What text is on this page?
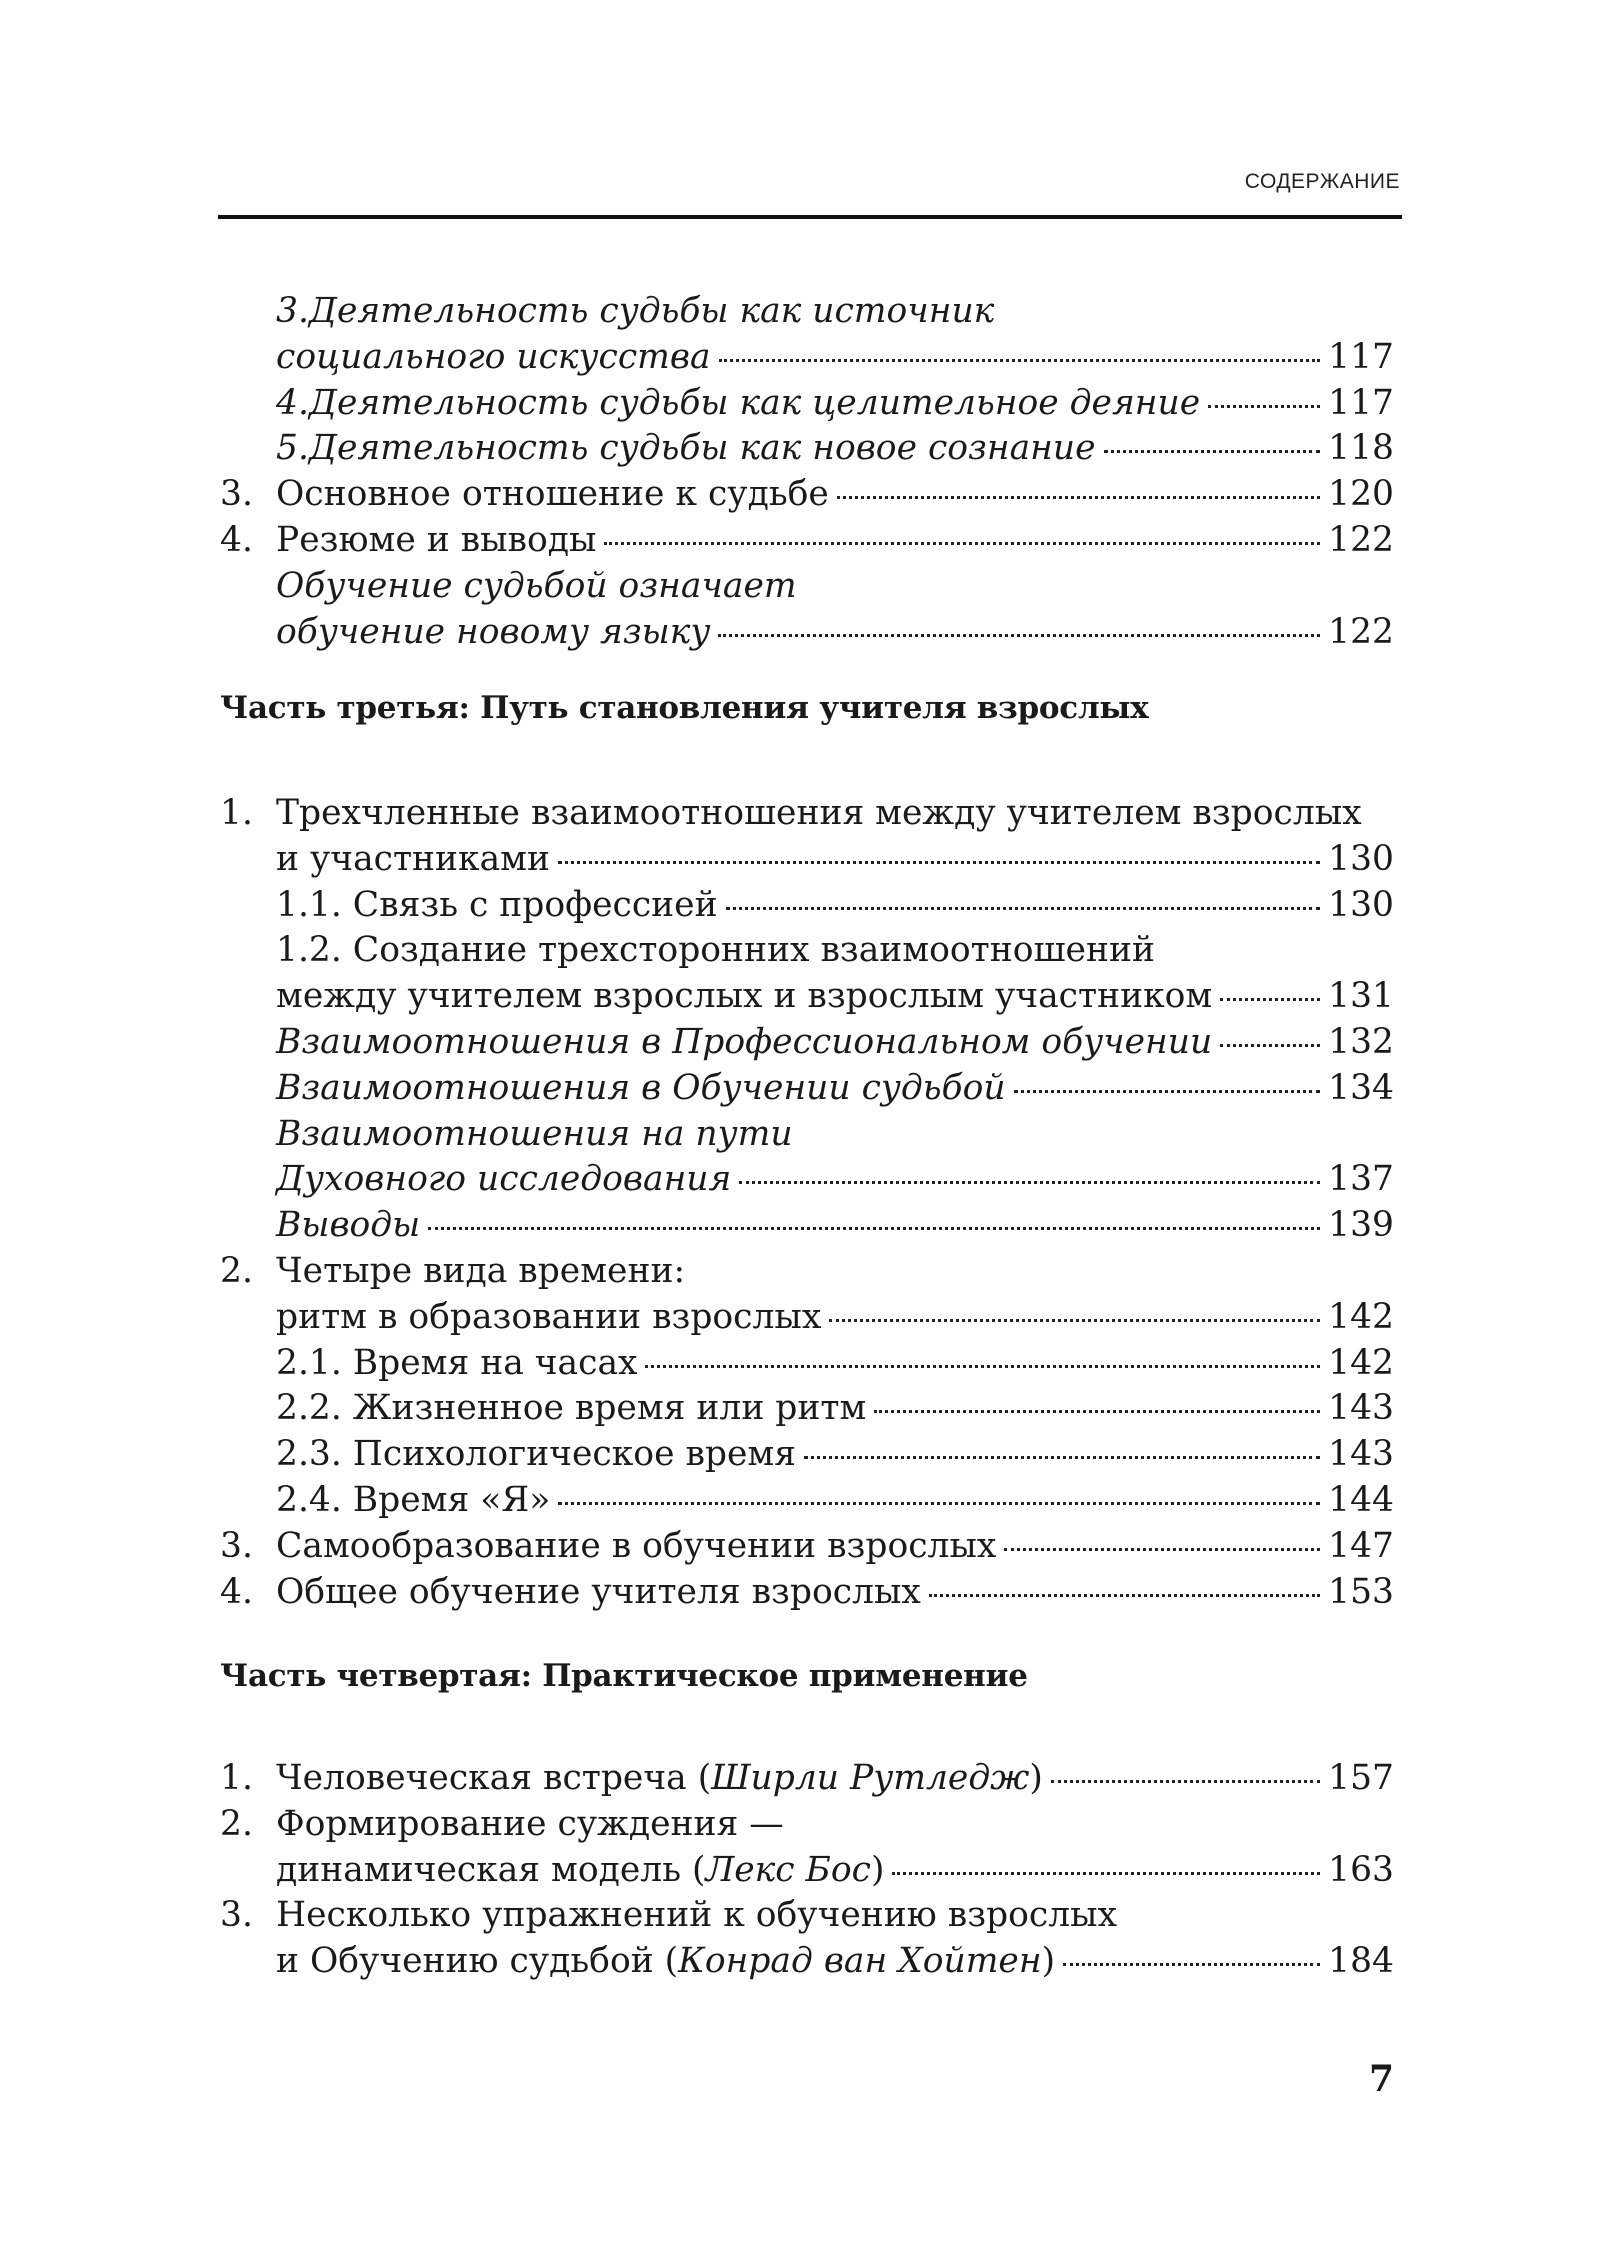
СОДЕРЖАНИЕ
3.Деятельность судьбы как источник
социального искусства	117
4.Деятельность судьбы как целительное деяние	117
5.Деятельность судьбы как новое сознание	118
3. Основное отношение к судьбе	120
4. Резюме и выводы	122
Обучение судьбой означает
обучение новому языку	122
1. Трехчленные взаимоотношения между учителем взрослых
и участниками	130
1.1. Связь с профессией	130
1.2. Создание трехсторонних взаимоотношений
между учителем взрослых и взрослым участником	131
Взаимоотношения в Профессиональном обучении	132
Взаимоотношения в Обучении судьбой	134
Взаимоотношения на пути
Духовного исследования	137
Выводы	139
2. Четыре вида времени:
ритм в образовании взрослых	142
2.1. Время на часах	142
2.2. Жизненное время или ритм	143
2.3. Психологическое время	143
2.4. Время «Я»	144
3. Самообразование в обучении взрослых	147
4. Общее обучение учителя взрослых	153
1. Человеческая встреча (Ширли Рутледж)	157
2. Формирование суждения —
динамическая модель (Лекс Бос)	163
3. Несколько упражнений к обучению взрослых
и Обучению судьбой (Конрад ван Хойтен)	184
Часть третья: Путь становления учителя взрослых
Часть четвертая: Практическое применение
7
